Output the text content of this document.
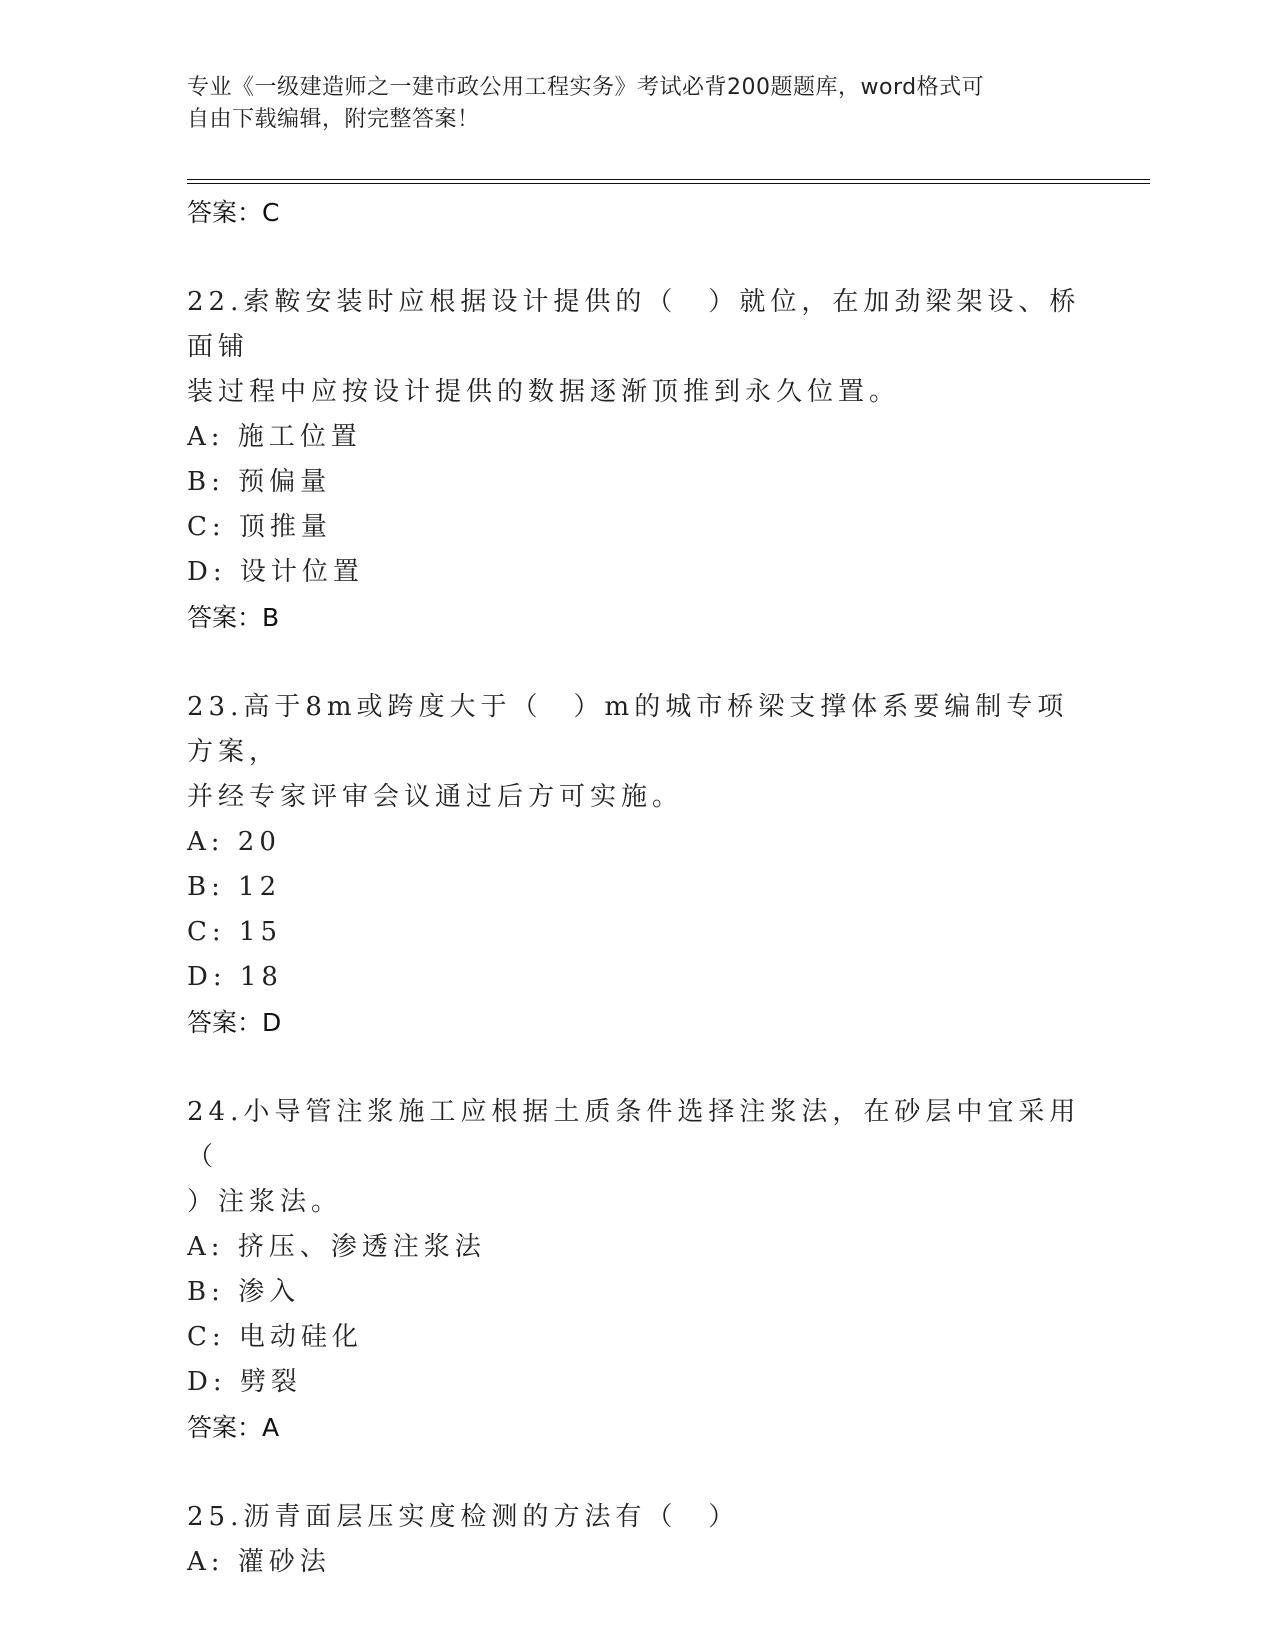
专业《一级建造师之一建市政公用工程实务》考试必背200题题库，word格式可
自由下载编辑，附完整答案！
答案：C
22.索鞍安装时应根据设计提供的（　）就位，在加劲梁架设、桥面铺
装过程中应按设计提供的数据逐渐顶推到永久位置。
A: 施工位置
B: 预偏量
C: 顶推量
D: 设计位置
答案：B
23.高于8m或跨度大于（　）m的城市桥梁支撑体系要编制专项方案，
并经专家评审会议通过后方可实施。
A: 20
B: 12
C: 15
D: 18
答案：D
24.小导管注浆施工应根据土质条件选择注浆法，在砂层中宜采用（
）注浆法。
A: 挤压、渗透注浆法
B: 渗入
C: 电动硅化
D: 劈裂
答案：A
25.沥青面层压实度检测的方法有（　）
A: 灌砂法
